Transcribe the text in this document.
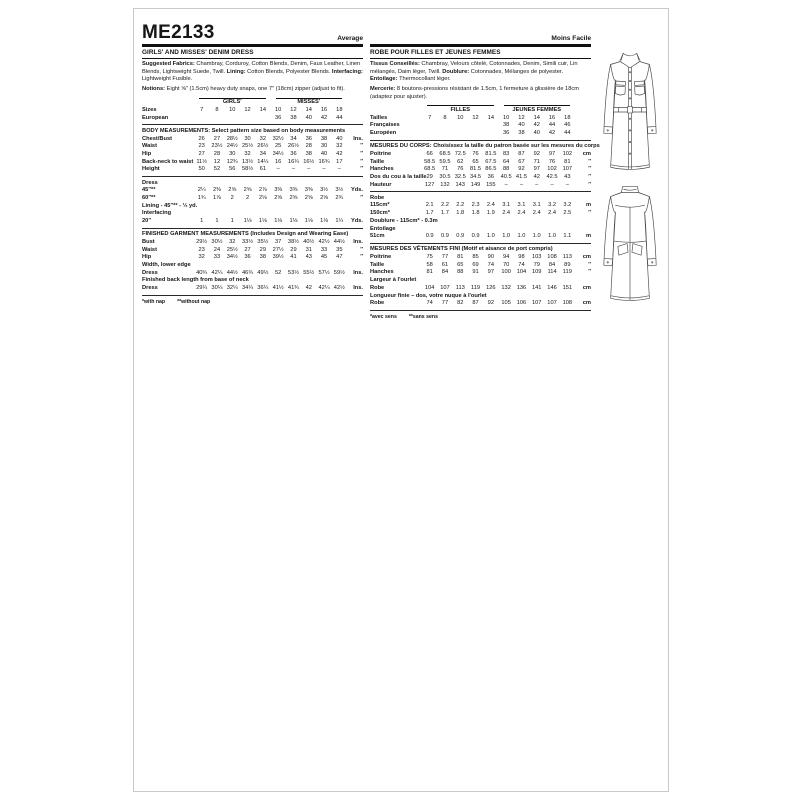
ME2133	Average
GIRLS' AND MISSES' DENIM DRESS
Suggested Fabrics: Chambray, Corduroy, Cotton Blends, Denim, Faux Leather, Linen Blends, Lightweight Suede, Twill. Lining: Cotton Blends, Polyester Blends. Interfacing: Lightweight Fusible.
Notions: Eight ⅝″ (1.5cm) heavy duty snaps, one 7″ (18cm) zipper (adjust to fit).
GIRLS'	MISSES'
Sizes	7	8	10	12	14	10	12	14	16	18
European	36	38	40	42	44
BODY MEASUREMENTS: Select pattern size based on body measurements
Chest/Bust	26	27	28½	30	32	32½	34	36	38	40	Ins.
Waist	23	23½ 24½ 25½ 26½	25	26½	28	30	32	″
Hip	27	28	30	32	34	34½	36	38	40	42	″
Back-neck to waist 11½	12	12¾ 13½ 14¼	16	16¼ 16½ 16¾	17	″
Height	50	52	56	58½	61	–	–	–	–	–	″
Dress
45″**	2¼	2⅜	2⅝	2⅝	2⅞	3⅜	3⅜	3⅜	3½	3½	Yds.
60″**	1¾	1⅞	2	2	2⅛	2⅝	2⅝	2⅝	2⅝	2¾	″
Lining - 45″** - ⅓ yd.
Interfacing
20″	1	1	1	1⅛	1⅛	1⅛	1⅛	1⅛	1⅛	1¼	Yds.
FINISHED GARMENT MEASUREMENTS (Includes Design and Wearing Ease)
Bust	29½ 30½	32	33½ 35½	37	38½ 40½ 42½ 44½	Ins.
Waist	23	24	25½	27	29	27½	29	31	33	35	″
Hip	32	33	34½	36	38	39½	41	43	45	47	″
Width, lower edge
Dress	40¾ 42¼ 44½ 46¾ 49½	52	53½ 55½ 57½ 59½	Ins.
Finished back length from base of neck
Dress	29¼ 30¼ 32¼ 34¼ 36¼ 41½ 41¾	42	42¼ 42½	Ins.
*with nap **without nap
Moins Facile
ROBE POUR FILLES ET JEUNES FEMMES
Tissus Conseillés: Chambray, Velours côtelé, Cotonnades, Denim, Simili cuir, Lin mélangés, Daim léger, Twill. Doublure: Cotonnades, Mélanges de polyester. Entoilage: Thermocollant léger.
Mercerie: 8 boutons-pressions résistant de 1.5cm, 1 fermeture à glissière de 18cm (adaptez pour ajuster).
FILLES	JEUNES FEMMES
Tailles	7	8	10	12	14	10	12	14	16	18
Françaises	38	40	42	44	46
Européen	36	38	40	42	44
MESURES DU CORPS: Choisissez la taille du patron basée sur les mesures du corps
Poitrine	66	68.5 72.5	76	81.5	83	87	92	97	102	cm
Taille	58.5 59.5	62	65	67.5	64	67	71	76	81	″
Hanches	68.5	71	76	81.5 86.5	88	92	97	102	107	″
Dos du cou à la taille 29	30.5 32.5 34.5	36	40.5 41.5	42	42.5	43	″
Hauteur	127	132	143	149	155	–	–	–	–	–	″
Robe
115cm*	2.1	2.2	2.2	2.3	2.4	3.1	3.1	3.1	3.2	3.2	m
150cm*	1.7	1.7	1.8	1.8	1.9	2.4	2.4	2.4	2.4	2.5	″
Doublure - 115cm* - 0.3m
Entoilage
51cm	0.9	0.9	0.9	0.9	1.0	1.0	1.0	1.0	1.0	1.1	m
MESURES DES VÊTEMENTS FINI (Motif et aisance de port compris)
Poitrine	75	77	81	85	90	94	98	103	108	113	cm
Taille	58	61	65	69	74	70	74	79	84	89	″
Hanches	81	84	88	91	97	100	104	109	114	119	″
Largeur à l'ourlet
Robe	104	107	113	119	126	132	136	141	146	151	cm
Longueur finie – dos, votre nuque à l'ourlet
Robe	74	77	82	87	92	105	106	107	107	108	cm
*avec sens **sans sens
